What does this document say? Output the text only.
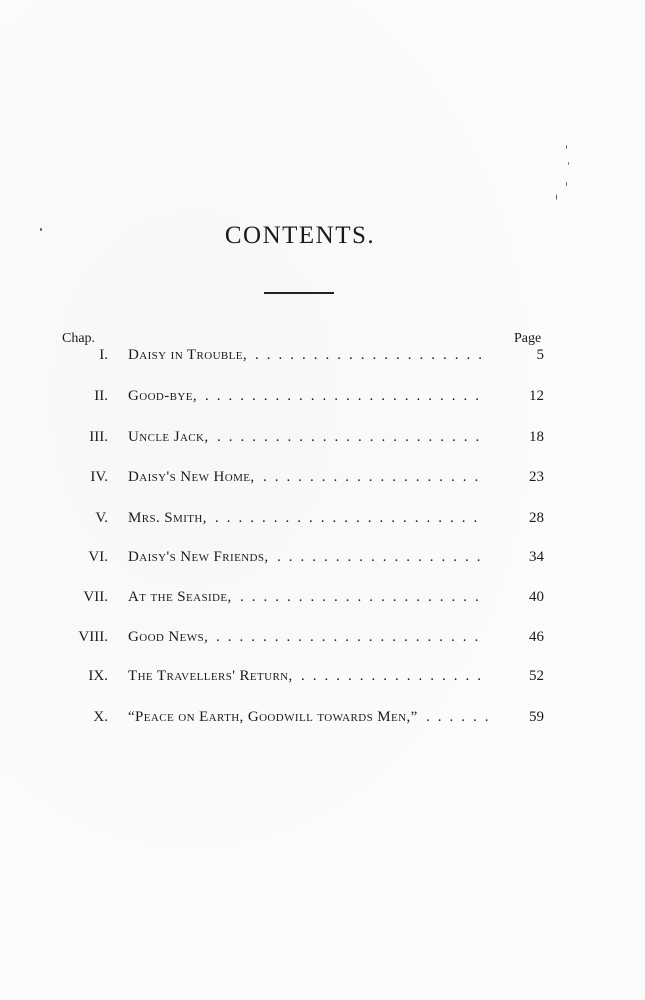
CONTENTS.
Chap.	Page
I. Daisy in Trouble, ....................	5
II. Good-bye, ........................	12
III. Uncle Jack, .......................	18
IV. Daisy's New Home, ...................	23
V. Mrs. Smith, .......................	28
VI. Daisy's New Friends, ..................	34
VII. At the Seaside, .....................	40
VIII. Good News, .......................	46
IX. The Travellers' Return, ................	52
X. “Peace on Earth, Goodwill towards Men,” ......	59
